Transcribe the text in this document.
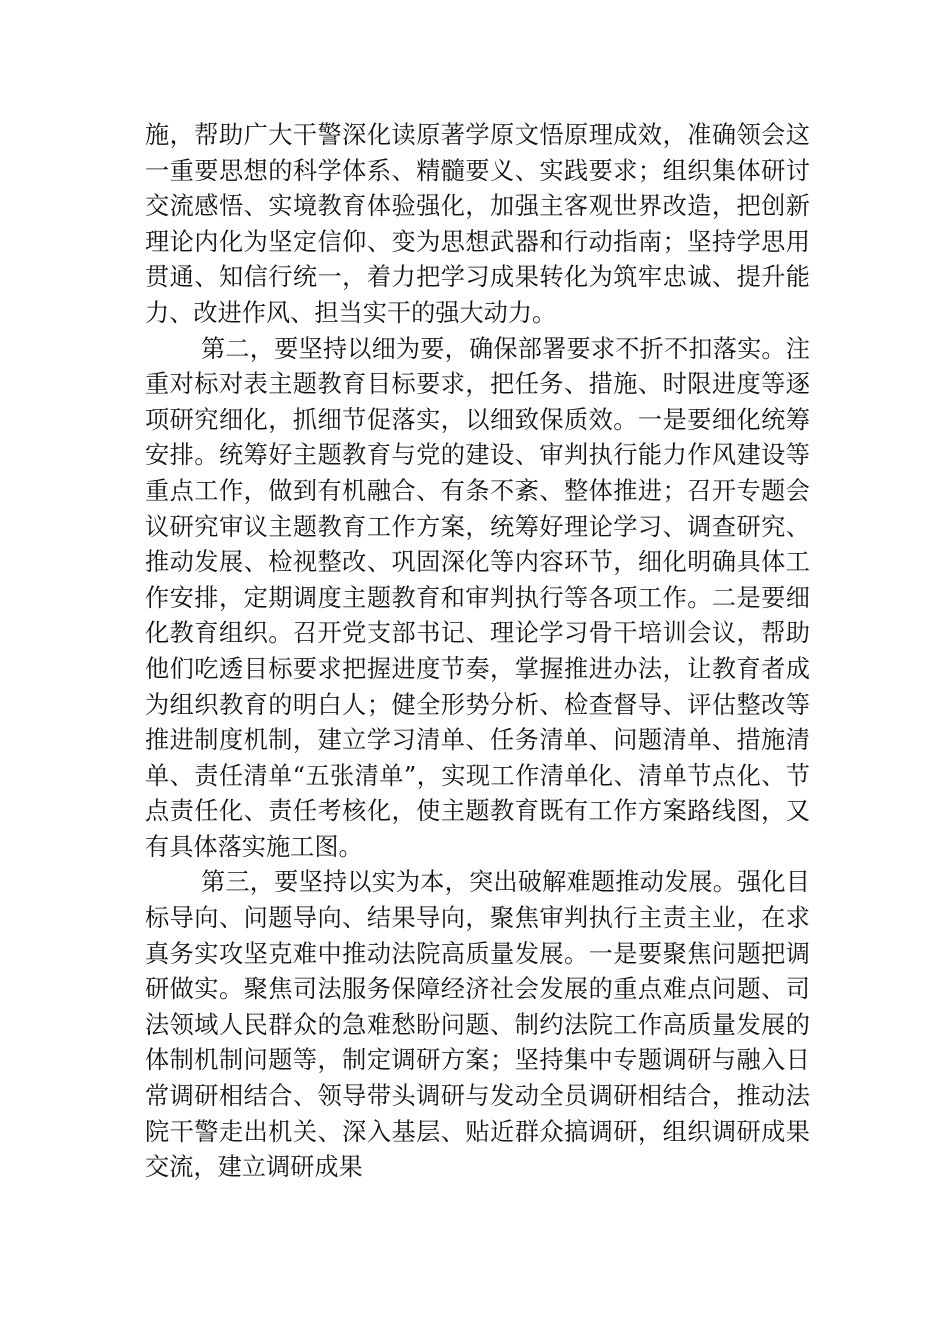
施，帮助广大干警深化读原著学原文悟原理成效，准确领会这一重要思想的科学体系、精髓要义、实践要求；组织集体研讨交流感悟、实境教育体验强化，加强主客观世界改造，把创新理论内化为坚定信仰、变为思想武器和行动指南；坚持学思用贯通、知信行统一，着力把学习成果转化为筑牢忠诚、提升能力、改进作风、担当实干的强大动力。

第二，要坚持以细为要，确保部署要求不折不扣落实。注重对标对表主题教育目标要求，把任务、措施、时限进度等逐项研究细化，抓细节促落实，以细致保质效。一是要细化统筹安排。统筹好主题教育与党的建设、审判执行能力作风建设等重点工作，做到有机融合、有条不紊、整体推进；召开专题会议研究审议主题教育工作方案，统筹好理论学习、调查研究、推动发展、检视整改、巩固深化等内容环节，细化明确具体工作安排，定期调度主题教育和审判执行等各项工作。二是要细化教育组织。召开党支部书记、理论学习骨干培训会议，帮助他们吃透目标要求把握进度节奏，掌握推进办法，让教育者成为组织教育的明白人；健全形势分析、检查督导、评估整改等推进制度机制，建立学习清单、任务清单、问题清单、措施清单、责任清单“五张清单”，实现工作清单化、清单节点化、节点责任化、责任考核化，使主题教育既有工作方案路线图，又有具体落实施工图。

第三，要坚持以实为本，突出破解难题推动发展。强化目标导向、问题导向、结果导向，聚焦审判执行主责主业，在求真务实攻坚克难中推动法院高质量发展。一是要聚焦问题把调研做实。聚焦司法服务保障经济社会发展的重点难点问题、司法领域人民群众的急难愁盼问题、制约法院工作高质量发展的体制机制问题等，制定调研方案；坚持集中专题调研与融入日常调研相结合、领导带头调研与发动全员调研相结合，推动法院干警走出机关、深入基层、贴近群众搞调研，组织调研成果交流，建立调研成果
